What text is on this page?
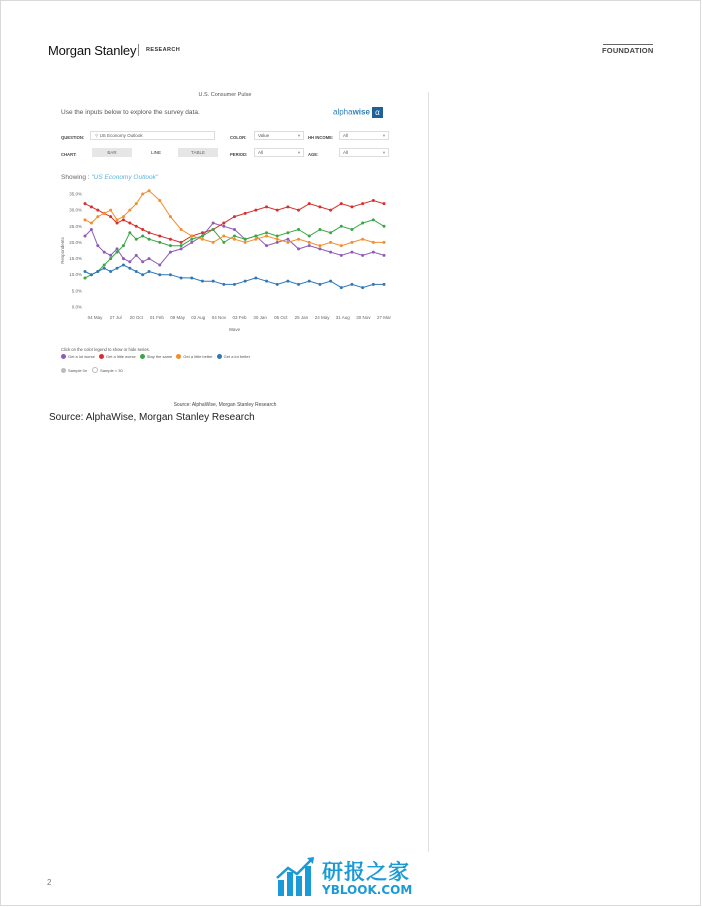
Morgan Stanley RESEARCH	FOUNDATION
U.S. Consumer Pulse
Use the inputs below to explore the survey data.	alphawise α
QUESTION:	⚲ US Economy Outlook	COLOR:	Value	▼ HH INCOME:	All	▼
CHART:	BAR	LINE	TABLE	PERIOD:	All	▼ AGE:	All	▼
Showing : "US Economy Outlook"
35.0%
30.0%
25.0%
20.0%
15.0%
10.0%
5.0%
0.0%
Respondents
Wave
04 May 27 Jul 20 Oct 01 Feb 09 May 02 Aug 04 Nov 03 Feb 30 Jan 05 Oct 25 Jan 24 May 31 Aug 30 Nov 27 Mar
Click on the color legend to show or hide series.
Get a lot worse	Get a little worse	Stay the same	Get a little better	Get a lot better
Sample 0n	Sample < 30
Source: AlphaWise, Morgan Stanley Research
Source: AlphaWise, Morgan Stanley Research
2	研报之家
YBLOOK.COM
